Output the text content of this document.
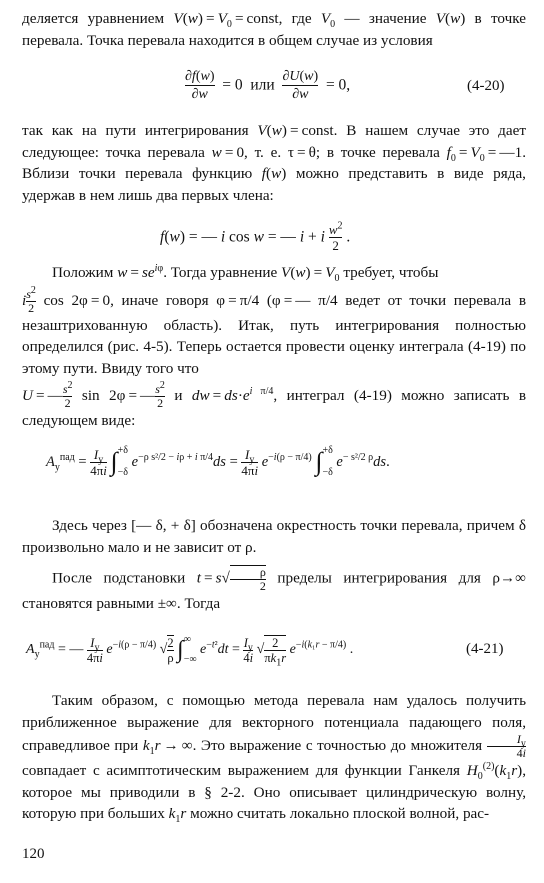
деляется уравнением $V(w) = V_0$ = const, где $V_0$ — значение V(w) в точке перевала. Точка перевала находится в общем случае из условия

$\frac{\partial f(w)}{\partial w} = 0$  или $\frac{\partial U(w)}{\partial w} = 0$,	(4-20)

так как на пути интегрирования V(w) = const. В нашем случае это дает следующее: точка перевала w = 0, т. е. τ = θ; в точке перевала $f_0 = V_0$ = —1. Вблизи точки перевала функцию f(w) можно представить в виде ряда, удержав в нем лишь два первых члена:

f(w) = — i cos w = — i + i $\frac{w^2}{2}$ .

Положим $w = se^{i\varphi}$. Тогда уравнение $V(w) = V_0$ требует, чтобы

i $\frac{s^2}{2}$ cos 2φ = 0, иначе говоря φ = π/4 (φ = — π/4 ведет от точки перевала в незаштрихованную область). Итак, путь интегрирования полностью определился (рис. 4-5). Теперь остается провести оценку интеграла (4-19) по этому пути. Ввиду того что

U = — $\frac{s^2}{2}$ sin 2φ = — $\frac{s^2}{2}$ и dw = $ds\cdot e^{i \pi/4}$, интеграл (4-19) можно записать в следующем виде:

$A_у^{пад} = I_у$
4πi ∫ +δ
−δ
$e^{-\rho s^2/2 - i\rho + i \pi/4}ds = I_у$
4πi $e^{-i(\rho - \pi/4)}$ ∫ +δ
−δ
$e^{- s^2/2 \rho}ds$.

Здесь через [— δ, + δ] обозначена окрестность точки перевала, причем δ произвольно мало и не зависит от ρ.

После подстановки $t = s√ \frac{\rho}{2}$ пределы интегрирования для ρ→∞ становятся равными ±∞. Тогда

$A_у^{пад}$ = — $I_у$
4πi
$e^{-i(\rho - \pi/4)}$ √ $\frac{2}{\rho}$ ∫ ∞
−∞
$e^{-t^2}dt = I_у$
4i
√ $\frac{2}{\pi k_1r} e^{-i(k_1r - \pi/4)}$ .	(4-21)

Таким образом, с помощью метода перевала нам удалось получить приближенное выражение для векторного потенциала падающего поля, справедливое при $k_1r$ → ∞. Это выражение с точностью до множителя	$I_у$
4i
совпадает с асимптотическим выражением для функции Ганкеля $H_0^{(2)}(k_1r)$, которое мы приводили в § 2-2. Оно описывает цилиндрическую волну, которую при больших $k_1r$ можно считать локально плоской волной, рас-

120
